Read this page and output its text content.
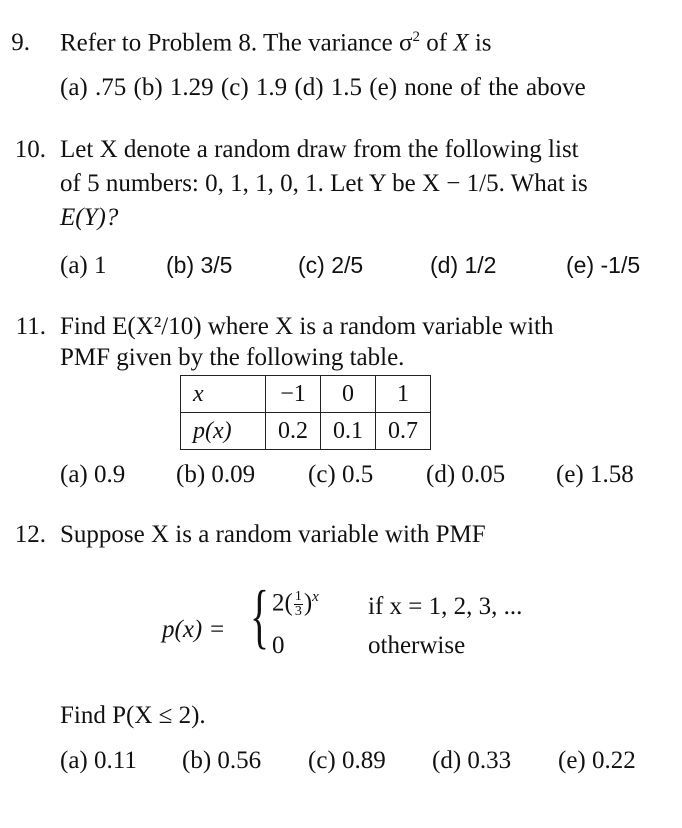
9. Refer to Problem 8. The variance $\sigma^2$ of X is
(a) .75 (b) 1.29 (c) 1.9 (d) 1.5 (e) none of the above
10. Let X denote a random draw from the following list
of 5 numbers: 0, 1, 1, 0, 1. Let Y be X − 1/5. What is
E(Y)?
(a) 1	(b) 3/5	(c) 2/5	(d) 1/2	(e) -1/5
11. Find E(X²/10) where X is a random variable with
PMF given by the following table.
x	−1	0	1
p(x)	0.2	0.1	0.7
(a) 0.9 (b) 0.09 (c) 0.5 (d) 0.05 (e) 1.58
12. Suppose X is a random variable with PMF
p(x) = { $2( \frac{1}{3} )^x$ if x = 1, 2, 3, ...
0	otherwise
Find P(X ≤ 2).
(a) 0.11 (b) 0.56 (c) 0.89 (d) 0.33 (e) 0.22
